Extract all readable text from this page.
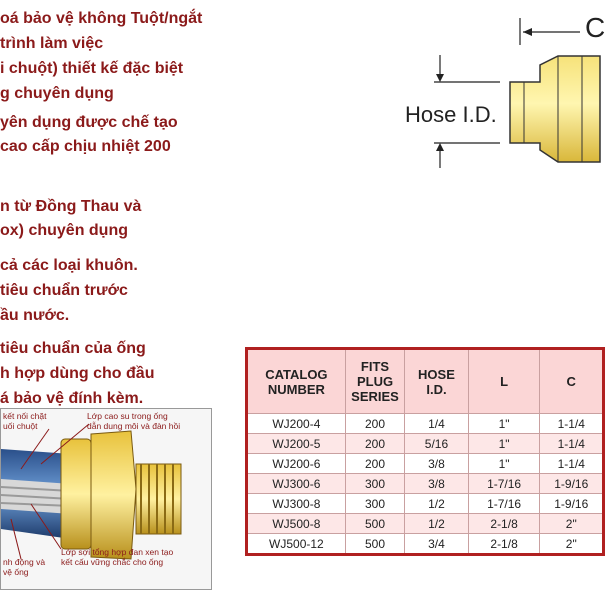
oá bảo vệ không Tuột/ngắt
trình làm việc
i chuột) thiết kế đặc biệt
g chuyên dụng
yên dụng được chế tạo
cao cấp chịu nhiệt 200
n từ Đồng Thau và
ox) chuyên dụng
cả các loại khuôn.
tiêu chuẩn trước
ầu nước.
tiêu chuẩn của ống
h hợp dùng cho đầu
á bảo vệ đính kèm.
Hose I.D.
C
CATALOG
NUMBER	FITS
PLUG
SERIES	HOSE
I.D.	L	C
WJ200-4	200	1/4	1"	1-1/4
WJ200-5	200	5/16	1"	1-1/4
WJ200-6	200	3/8	1"	1-1/4
WJ300-6	300	3/8	1-7/16	1-9/16
WJ300-8	300	1/2	1-7/16	1-9/16
WJ500-8	500	1/2	2-1/8	2"
WJ500-12	500	3/4	2-1/8	2"
kết nối chặt
uối chuột
Lớp cao su trong ống
dẫn dung môi và đàn hồi
Lớp sợi tổng hợp đan xen tạo
kết cấu vững chắc cho ống
nh động và
vệ ống
